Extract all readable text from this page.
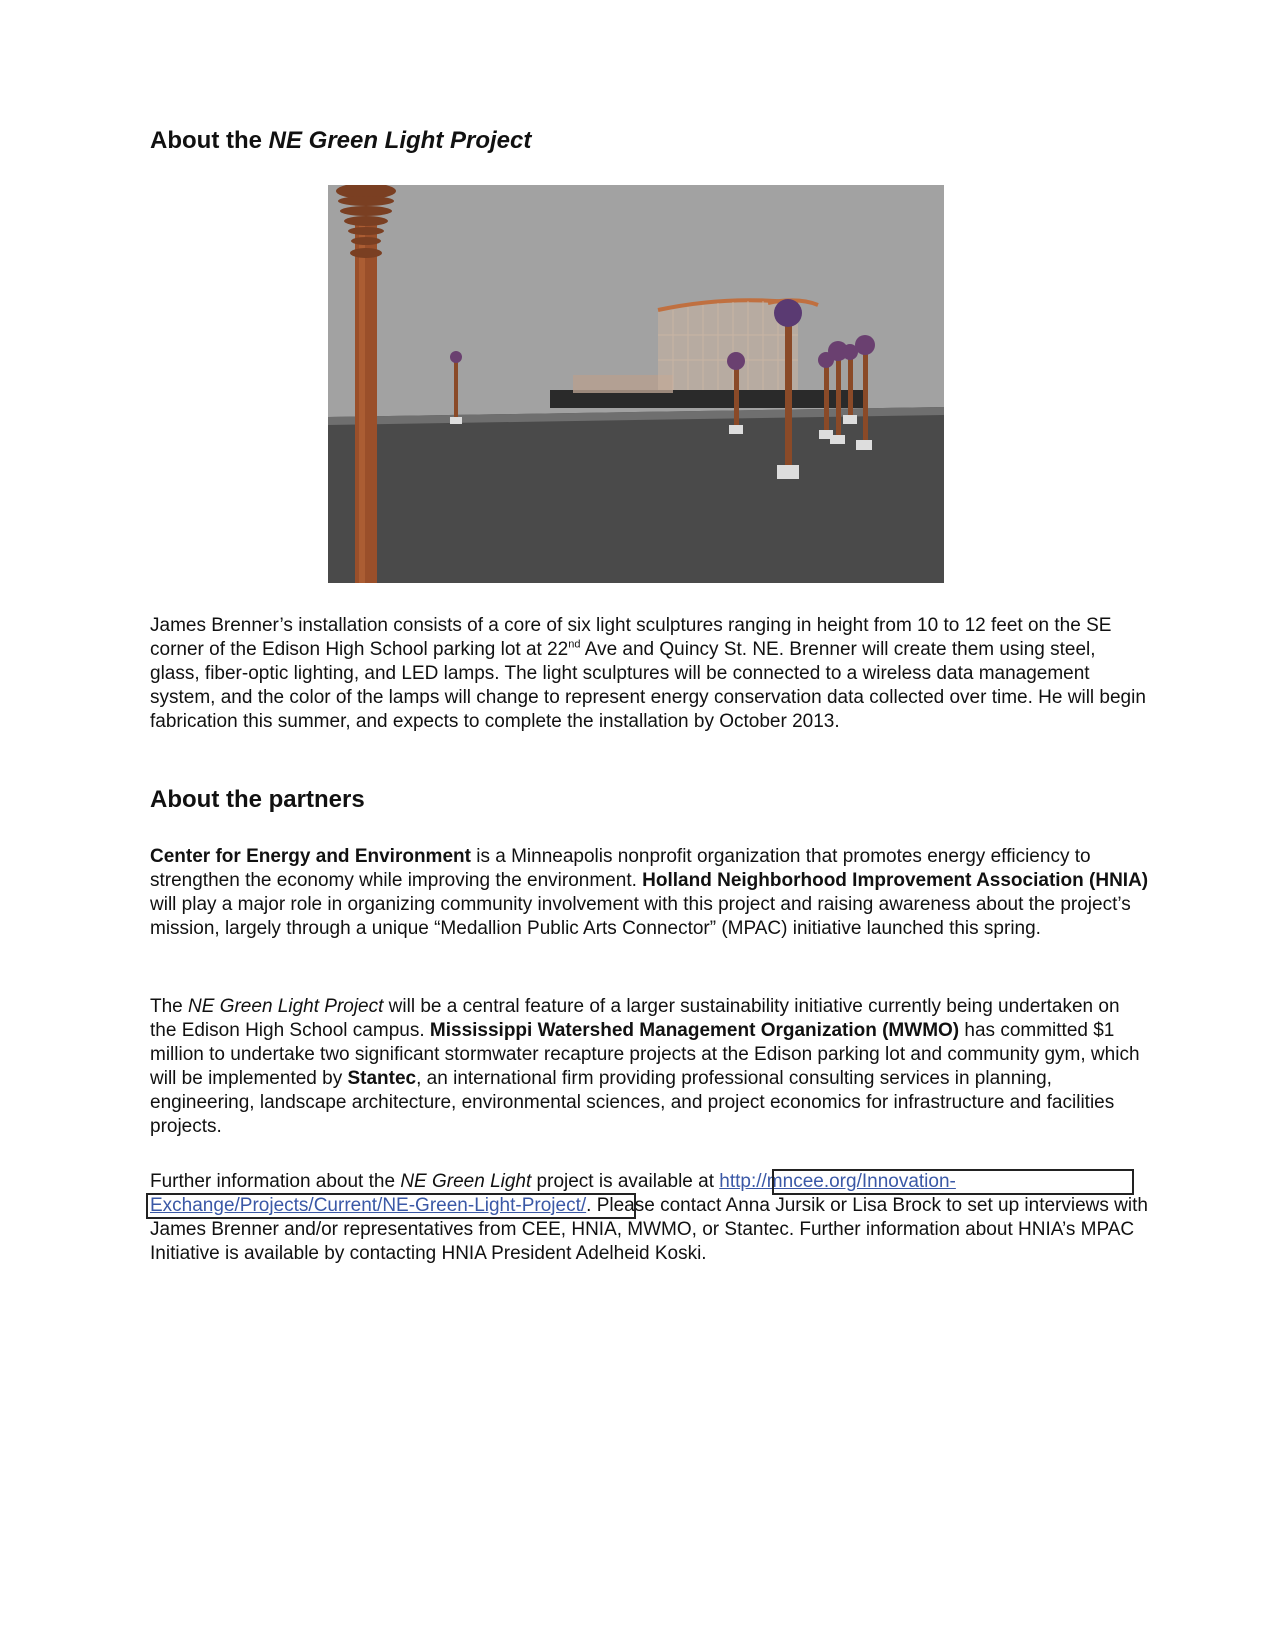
About the NE Green Light Project

James Brenner’s installation consists of a core of six light sculptures ranging in height from 10 to 12 feet on the SE corner of the Edison High School parking lot at 22nd Ave and Quincy St. NE. Brenner will create them using steel, glass, fiber-optic lighting, and LED lamps. The light sculptures will be connected to a wireless data management system, and the color of the lamps will change to represent energy conservation data collected over time. He will begin fabrication this summer, and expects to complete the installation by October 2013.

About the partners

Center for Energy and Environment is a Minneapolis nonprofit organization that promotes energy efficiency to strengthen the economy while improving the environment. Holland Neighborhood Improvement Association (HNIA) will play a major role in organizing community involvement with this project and raising awareness about the project’s mission, largely through a unique “Medallion Public Arts Connector” (MPAC) initiative launched this spring.

The NE Green Light Project will be a central feature of a larger sustainability initiative currently being undertaken on the Edison High School campus. Mississippi Watershed Management Organization (MWMO) has committed $1 million to undertake two significant stormwater recapture projects at the Edison parking lot and community gym, which will be implemented by Stantec, an international firm providing professional consulting services in planning, engineering, landscape architecture, environmental sciences, and project economics for infrastructure and facilities projects.

Further information about the NE Green Light project is available at http://mncee.org/Innovation-
Exchange/Projects/Current/NE-Green-Light-Project/. Please contact Anna Jursik or Lisa Brock to set up interviews with James Brenner and/or representatives from CEE, HNIA, MWMO, or Stantec. Further information about HNIA’s MPAC Initiative is available by contacting HNIA President Adelheid Koski.
